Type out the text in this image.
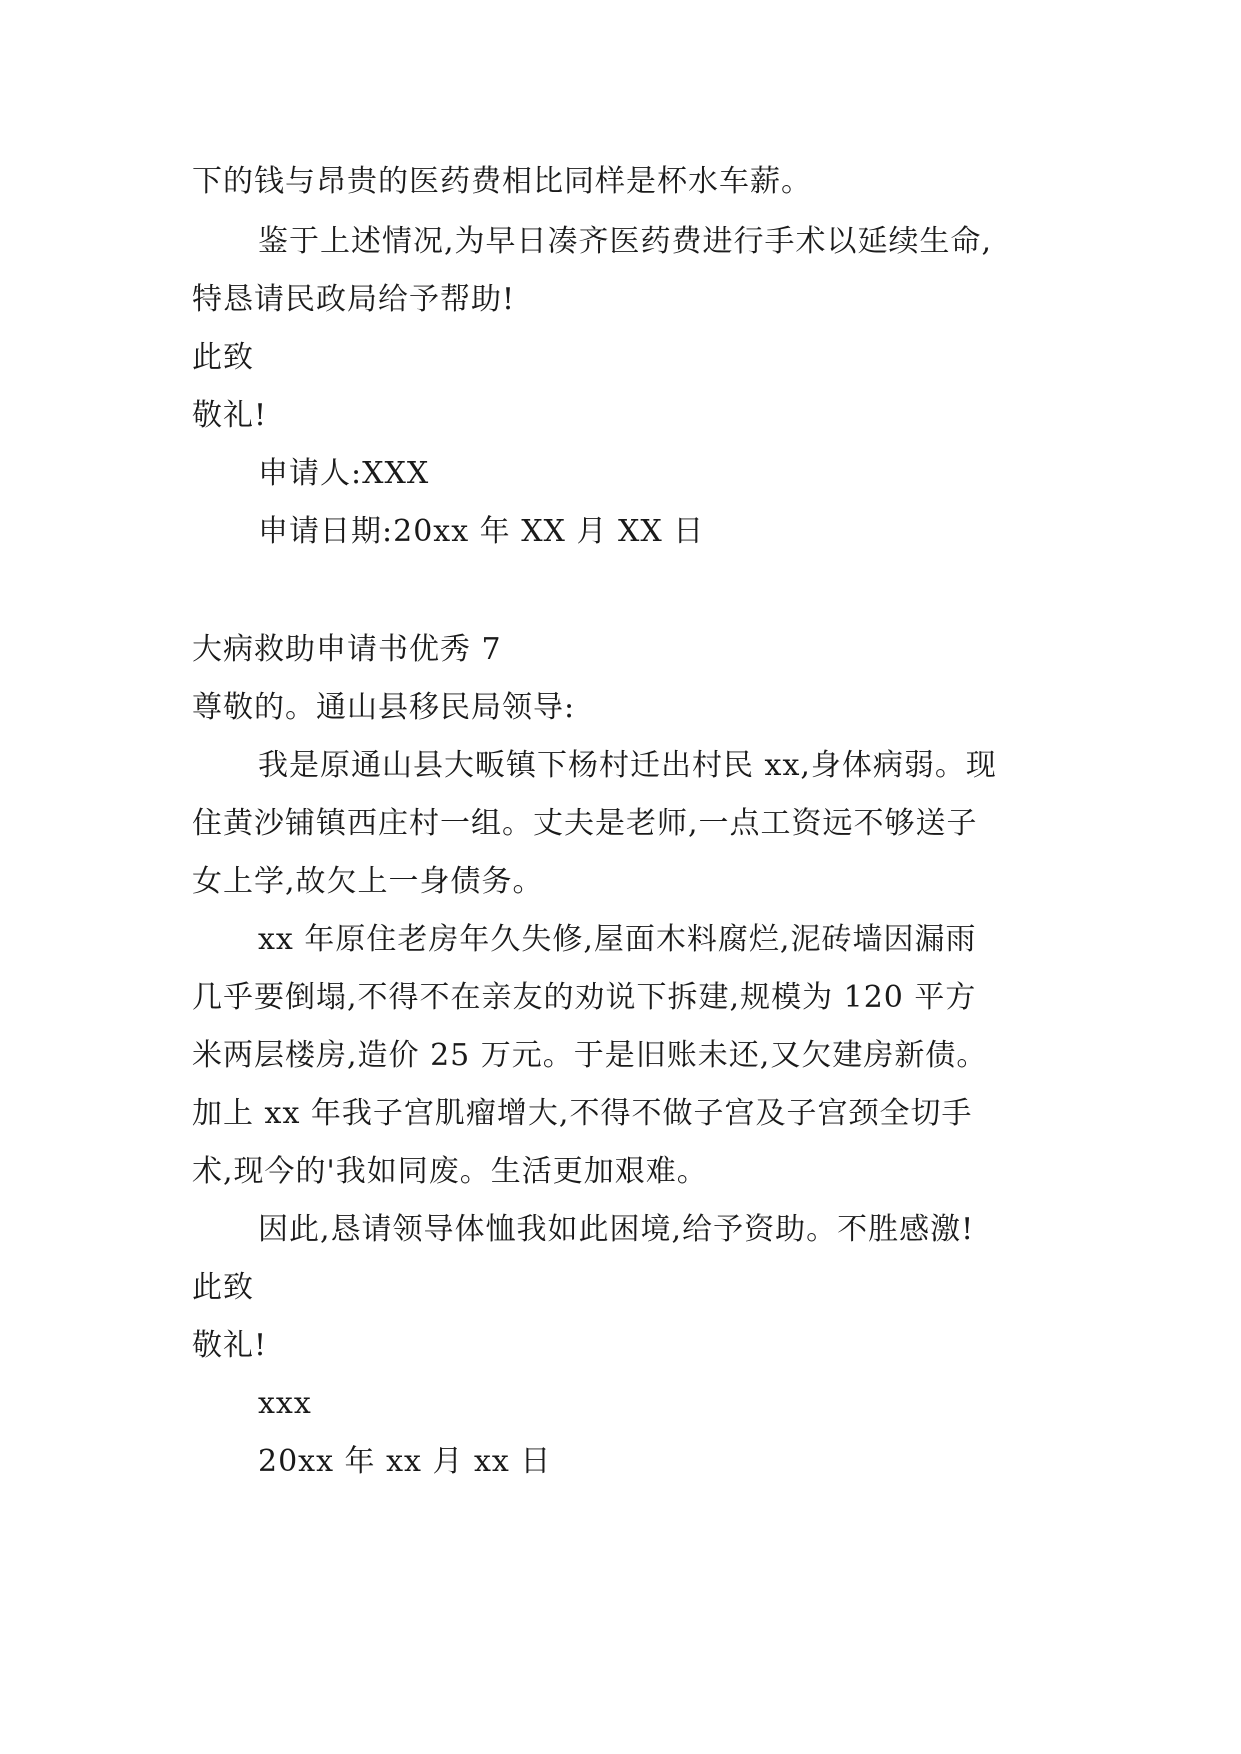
下的钱与昂贵的医药费相比同样是杯水车薪。
鉴于上述情况,为早日凑齐医药费进行手术以延续生命,
特恳请民政局给予帮助!
此致
敬礼!
申请人:XXX
申请日期:20xx 年 XX 月 XX 日
大病救助申请书优秀 7
尊敬的。通山县移民局领导:
我是原通山县大畈镇下杨村迁出村民 xx,身体病弱。现
住黄沙铺镇西庄村一组。丈夫是老师,一点工资远不够送子
女上学,故欠上一身债务。
xx 年原住老房年久失修,屋面木料腐烂,泥砖墙因漏雨
几乎要倒塌,不得不在亲友的劝说下拆建,规模为 120 平方
米两层楼房,造价 25 万元。于是旧账未还,又欠建房新债。
加上 xx 年我子宫肌瘤增大,不得不做子宫及子宫颈全切手
术,现今的'我如同废。生活更加艰难。
因此,恳请领导体恤我如此困境,给予资助。不胜感激!
此致
敬礼!
xxx
20xx 年 xx 月 xx 日
